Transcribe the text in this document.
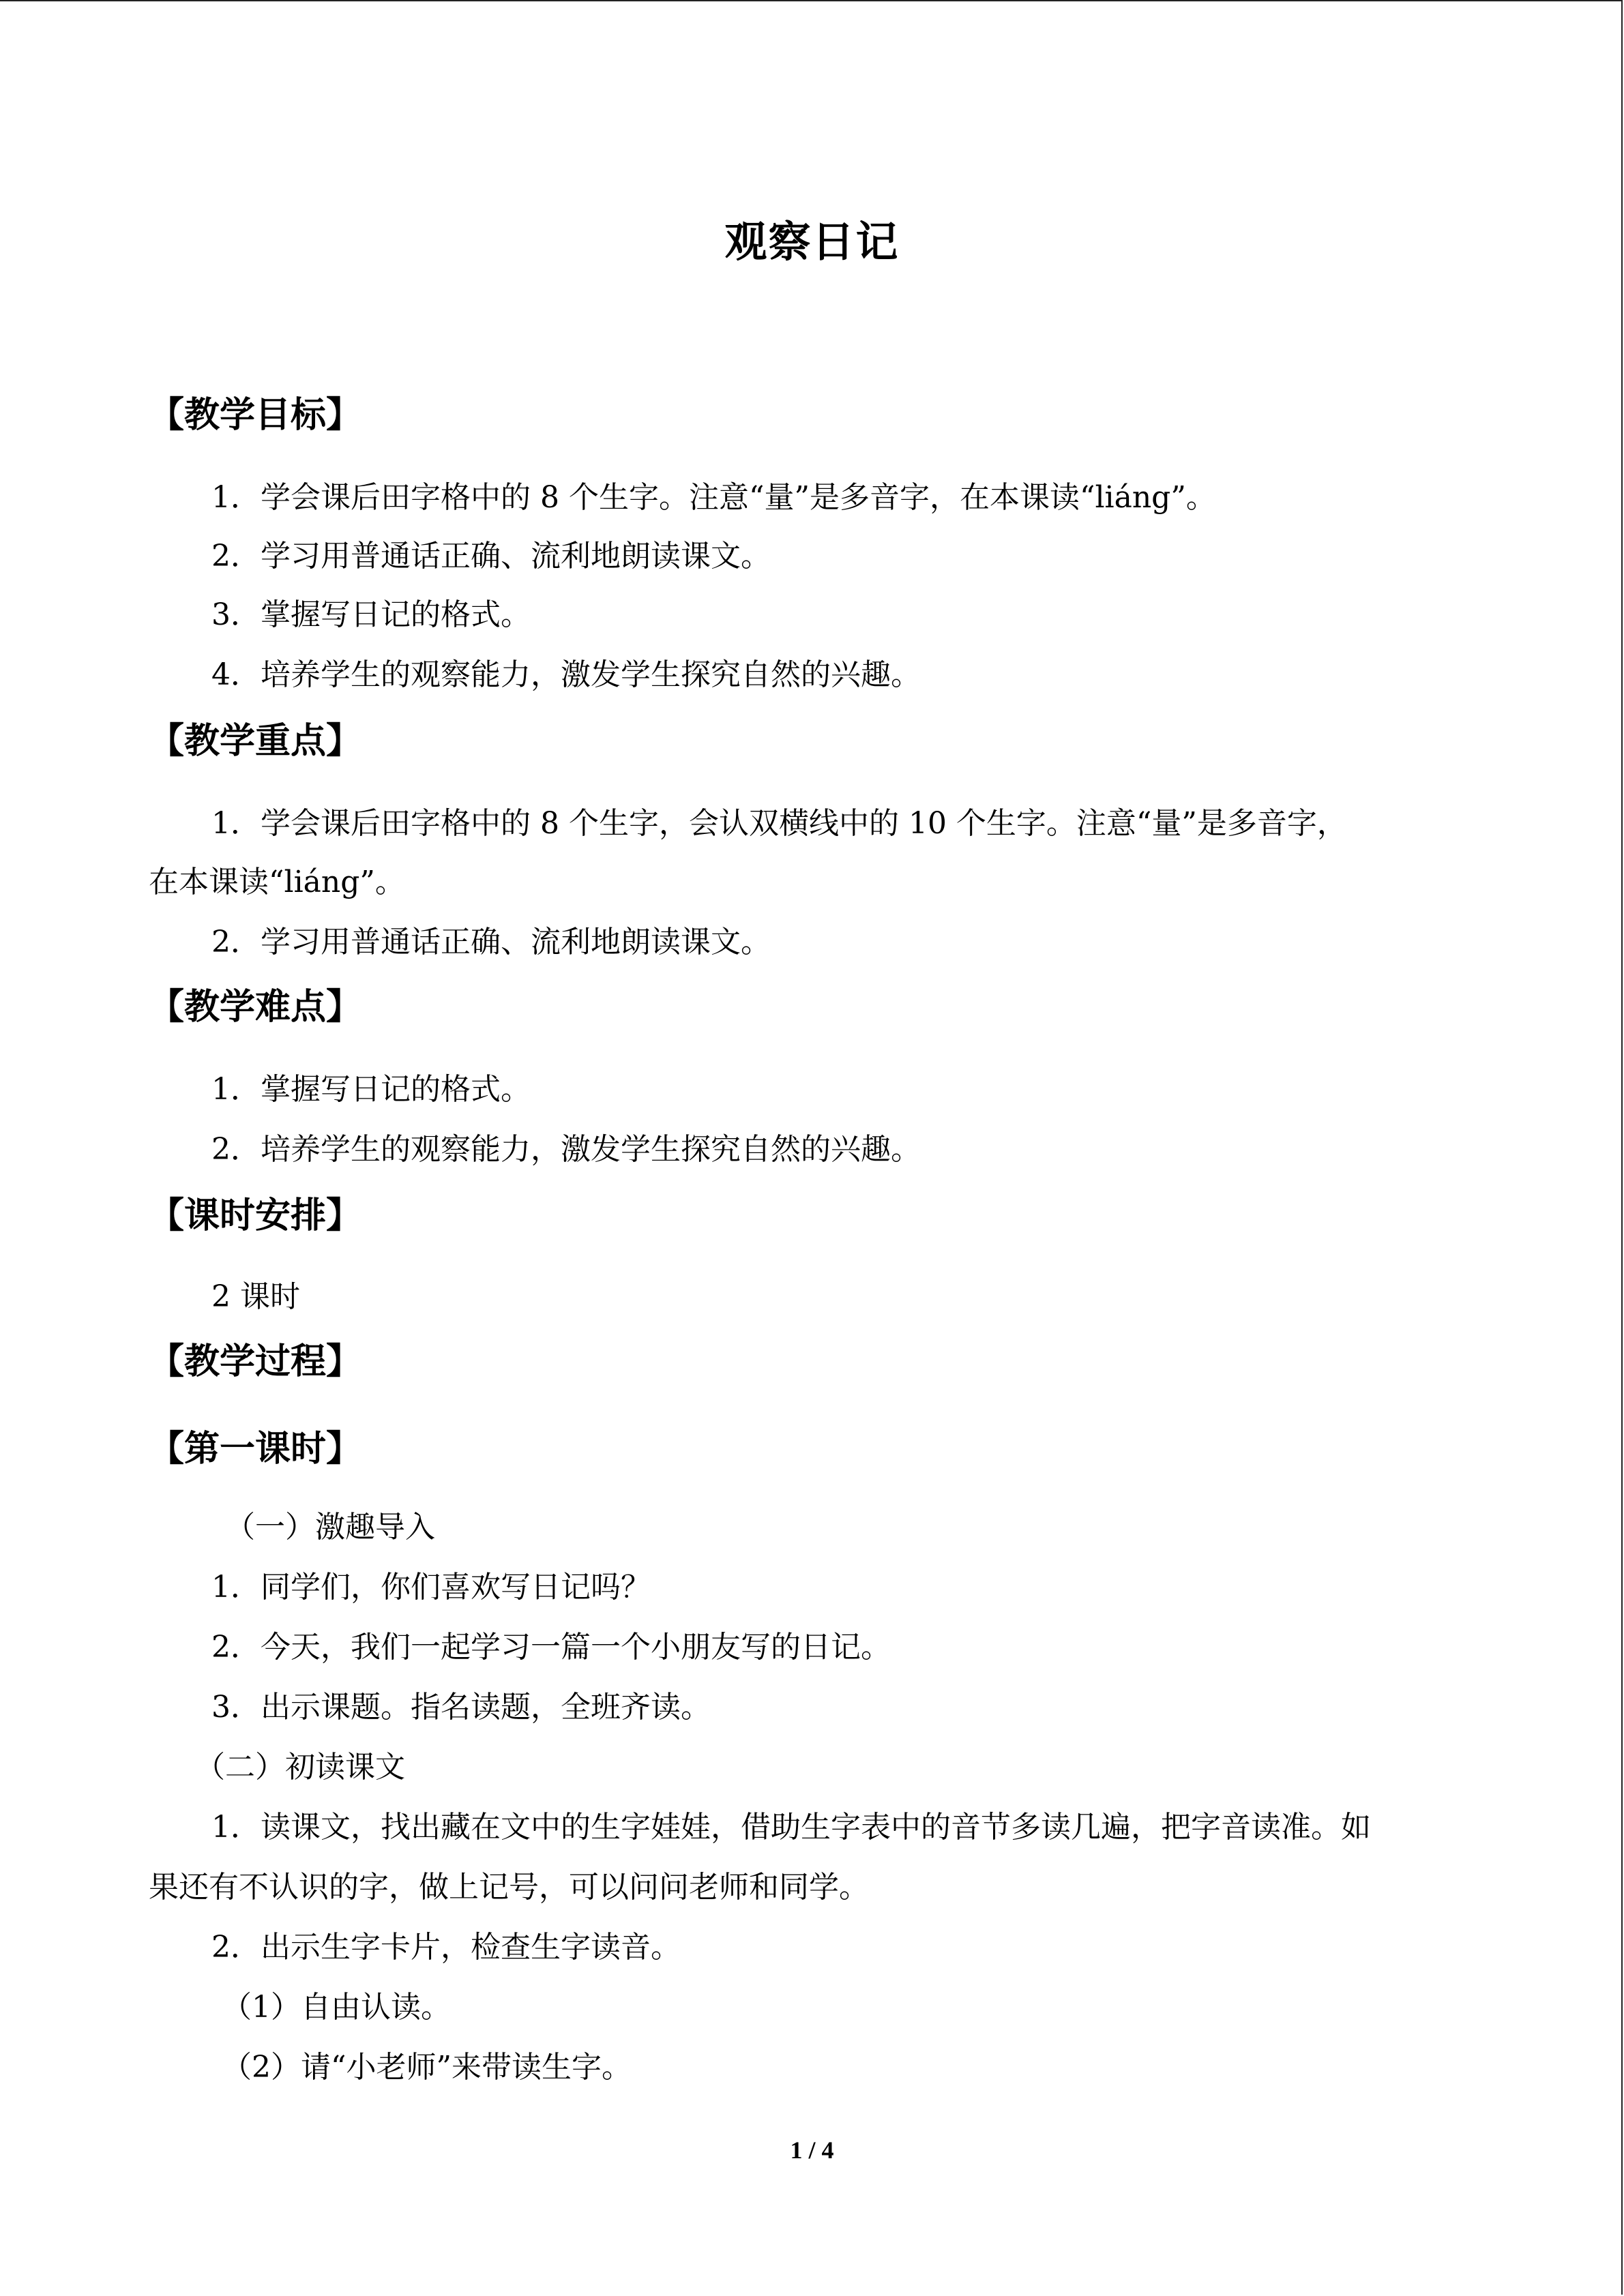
观察日记
【教学目标】
1．学会课后田字格中的 8 个生字。注意“量”是多音字，在本课读“liáng”。
2．学习用普通话正确、流利地朗读课文。
3．掌握写日记的格式。
4．培养学生的观察能力，激发学生探究自然的兴趣。
【教学重点】
1．学会课后田字格中的 8 个生字，会认双横线中的 10 个生字。注意“量”是多音字，
在本课读“liáng”。
2．学习用普通话正确、流利地朗读课文。
【教学难点】
1．掌握写日记的格式。
2．培养学生的观察能力，激发学生探究自然的兴趣。
【课时安排】
2 课时
【教学过程】
【第一课时】
（一）激趣导入
1．同学们，你们喜欢写日记吗？
2．今天，我们一起学习一篇一个小朋友写的日记。
3．出示课题。指名读题，全班齐读。
（二）初读课文
1．读课文，找出藏在文中的生字娃娃，借助生字表中的音节多读几遍，把字音读准。如
果还有不认识的字，做上记号，可以问问老师和同学。
2．出示生字卡片，检查生字读音。
（1）自由认读。
（2）请“小老师”来带读生字。
1 / 4
